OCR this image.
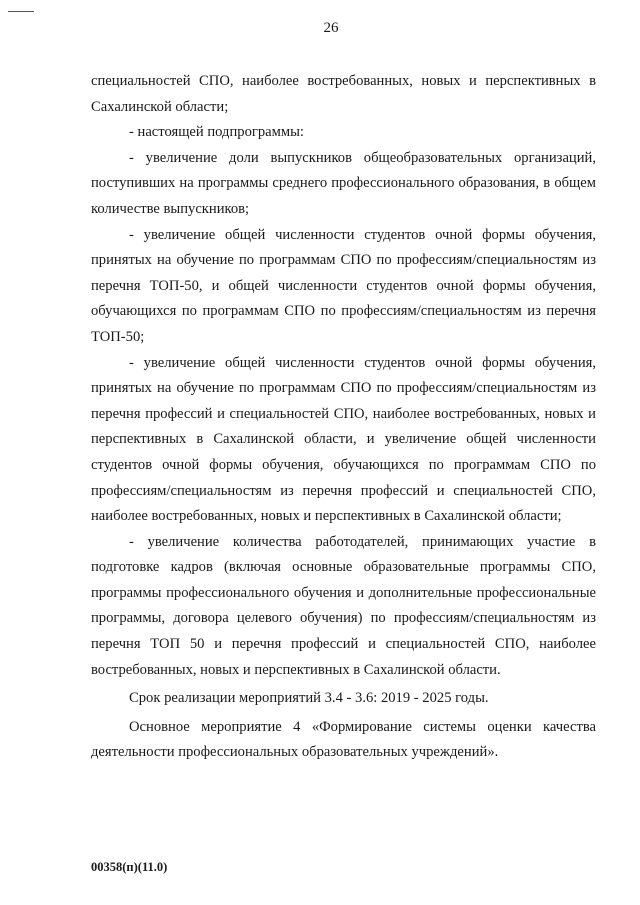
26

специальностей СПО, наиболее востребованных, новых и перспективных в Сахалинской области;

- настоящей подпрограммы:

- увеличение доли выпускников общеобразовательных организаций, поступивших на программы среднего профессионального образования, в общем количестве выпускников;

- увеличение общей численности студентов очной формы обучения, принятых на обучение по программам СПО по профессиям/специальностям из перечня ТОП-50, и общей численности студентов очной формы обучения, обучающихся по программам СПО по профессиям/специальностям из перечня ТОП-50;

- увеличение общей численности студентов очной формы обучения, принятых на обучение по программам СПО по профессиям/специальностям из перечня профессий и специальностей СПО, наиболее востребованных, новых и перспективных в Сахалинской области, и увеличение общей численности студентов очной формы обучения, обучающихся по программам СПО по профессиям/специальностям из перечня профессий и специальностей СПО, наиболее востребованных, новых и перспективных в Сахалинской области;

- увеличение количества работодателей, принимающих участие в подготовке кадров (включая основные образовательные программы СПО, программы профессионального обучения и дополнительные профессиональные программы, договора целевого обучения) по профессиям/специальностям из перечня ТОП 50 и перечня профессий и специальностей СПО, наиболее востребованных, новых и перспективных в Сахалинской области.

Срок реализации мероприятий 3.4 - 3.6: 2019 - 2025 годы.

Основное мероприятие 4 «Формирование системы оценки качества деятельности профессиональных образовательных учреждений».

00358(п)(11.0)
